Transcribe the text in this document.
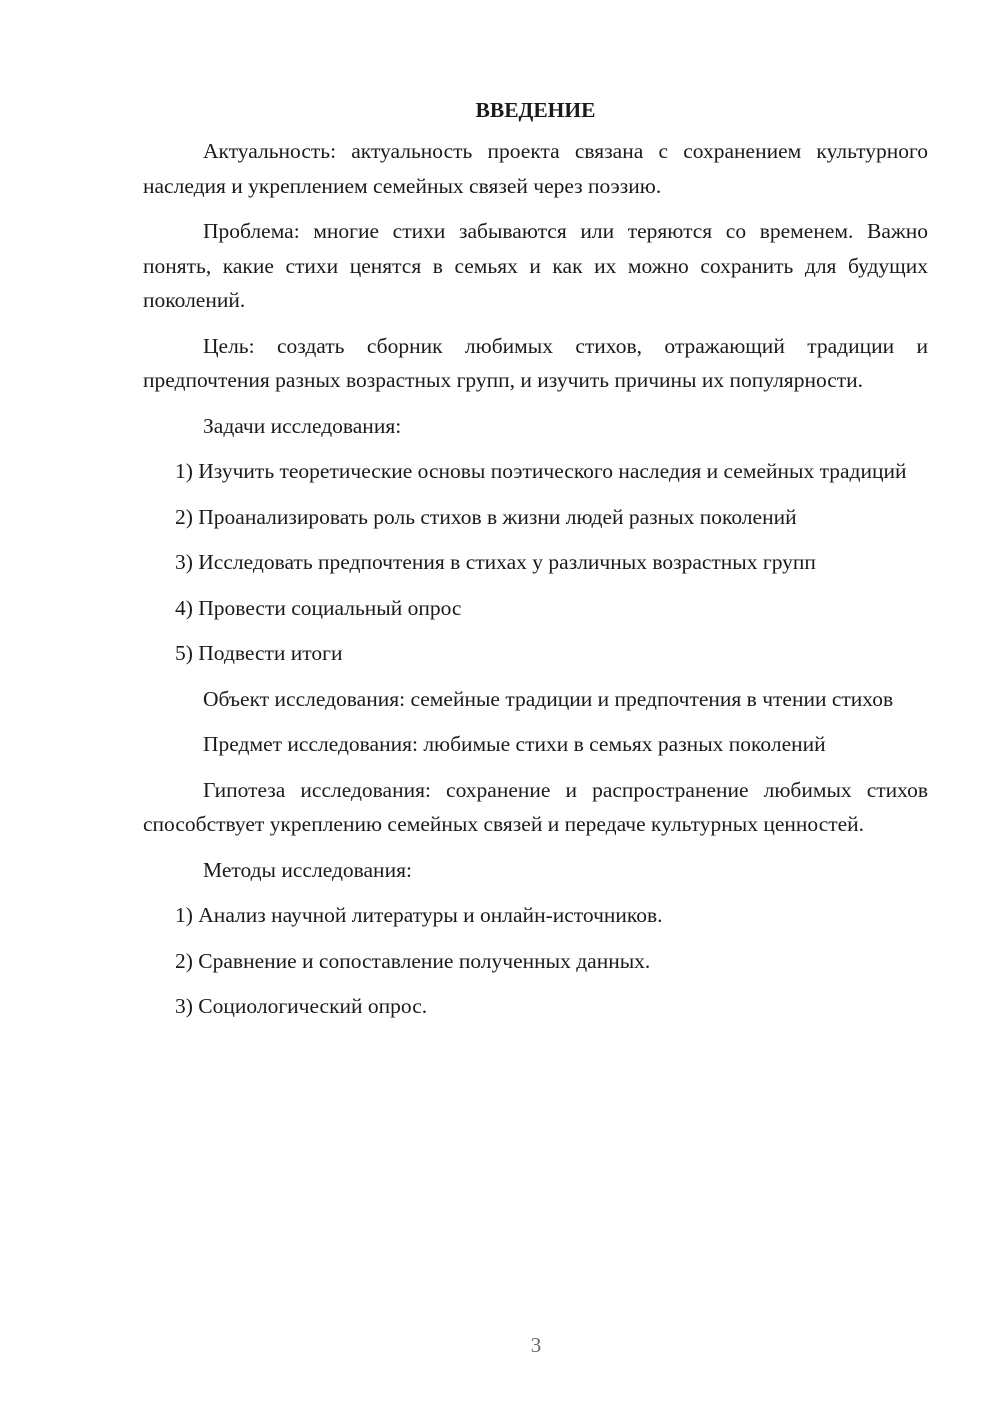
ВВЕДЕНИЕ

Актуальность: актуальность проекта связана с сохранением культурного наследия и укреплением семейных связей через поэзию.

Проблема: многие стихи забываются или теряются со временем. Важно понять, какие стихи ценятся в семьях и как их можно сохранить для будущих поколений.

Цель: создать сборник любимых стихов, отражающий традиции и предпочтения разных возрастных групп, и изучить причины их популярности.

Задачи исследования:

1) Изучить теоретические основы поэтического наследия и семейных традиций

2) Проанализировать роль стихов в жизни людей разных поколений

3) Исследовать предпочтения в стихах у различных возрастных групп

4) Провести социальный опрос

5) Подвести итоги

Объект исследования: семейные традиции и предпочтения в чтении стихов

Предмет исследования: любимые стихи в семьях разных поколений

Гипотеза исследования: сохранение и распространение любимых стихов способствует укреплению семейных связей и передаче культурных ценностей.

Методы исследования:

1) Анализ научной литературы и онлайн-источников.

2) Сравнение и сопоставление полученных данных.

3) Социологический опрос.

3
